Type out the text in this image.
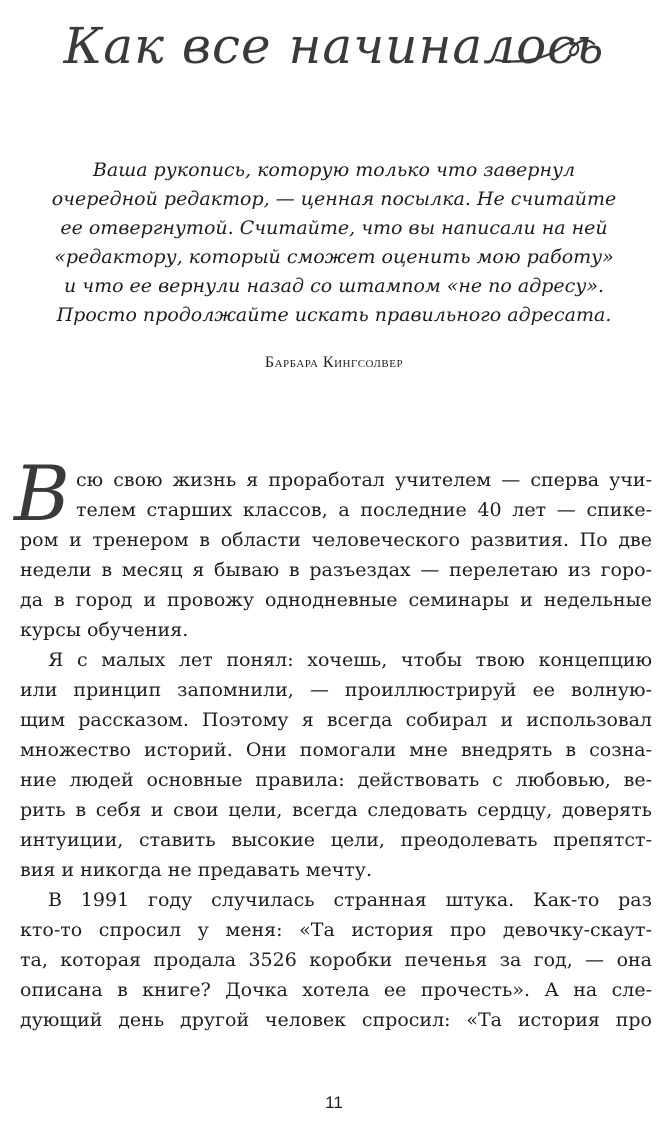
Как все начиналось
Ваша рукопись, которую только что завернул
очередной редактор, — ценная посылка. Не считайте
ее отвергнутой. Считайте, что вы написали на ней
«редактору, который сможет оценить мою работу»
и что ее вернули назад со штампом «не по адресу».
Просто продолжайте искать правильного адресата.
Барбара Кингсолвер
В сю свою жизнь я проработал учителем — сперва учи-
телем старших классов, а последние 40 лет — спике-
ром и тренером в области человеческого развития. По две
недели в месяц я бываю в разъездах — перелетаю из горо-
да в город и провожу однодневные семинары и недельные
курсы обучения.
Я с малых лет понял: хочешь, чтобы твою концепцию
или принцип запомнили, — проиллюстрируй ее волную-
щим рассказом. Поэтому я всегда собирал и использовал
множество историй. Они помогали мне внедрять в созна-
ние людей основные правила: действовать с любовью, ве-
рить в себя и свои цели, всегда следовать сердцу, доверять
интуиции, ставить высокие цели, преодолевать препятст-
вия и никогда не предавать мечту.
В 1991 году случилась странная штука. Как-то раз
кто-то спросил у меня: «Та история про девочку-скаут-
та, которая продала 3526 коробки печенья за год, — она
описана в книге? Дочка хотела ее прочесть». А на сле-
дующий день другой человек спросил: «Та история про
11
